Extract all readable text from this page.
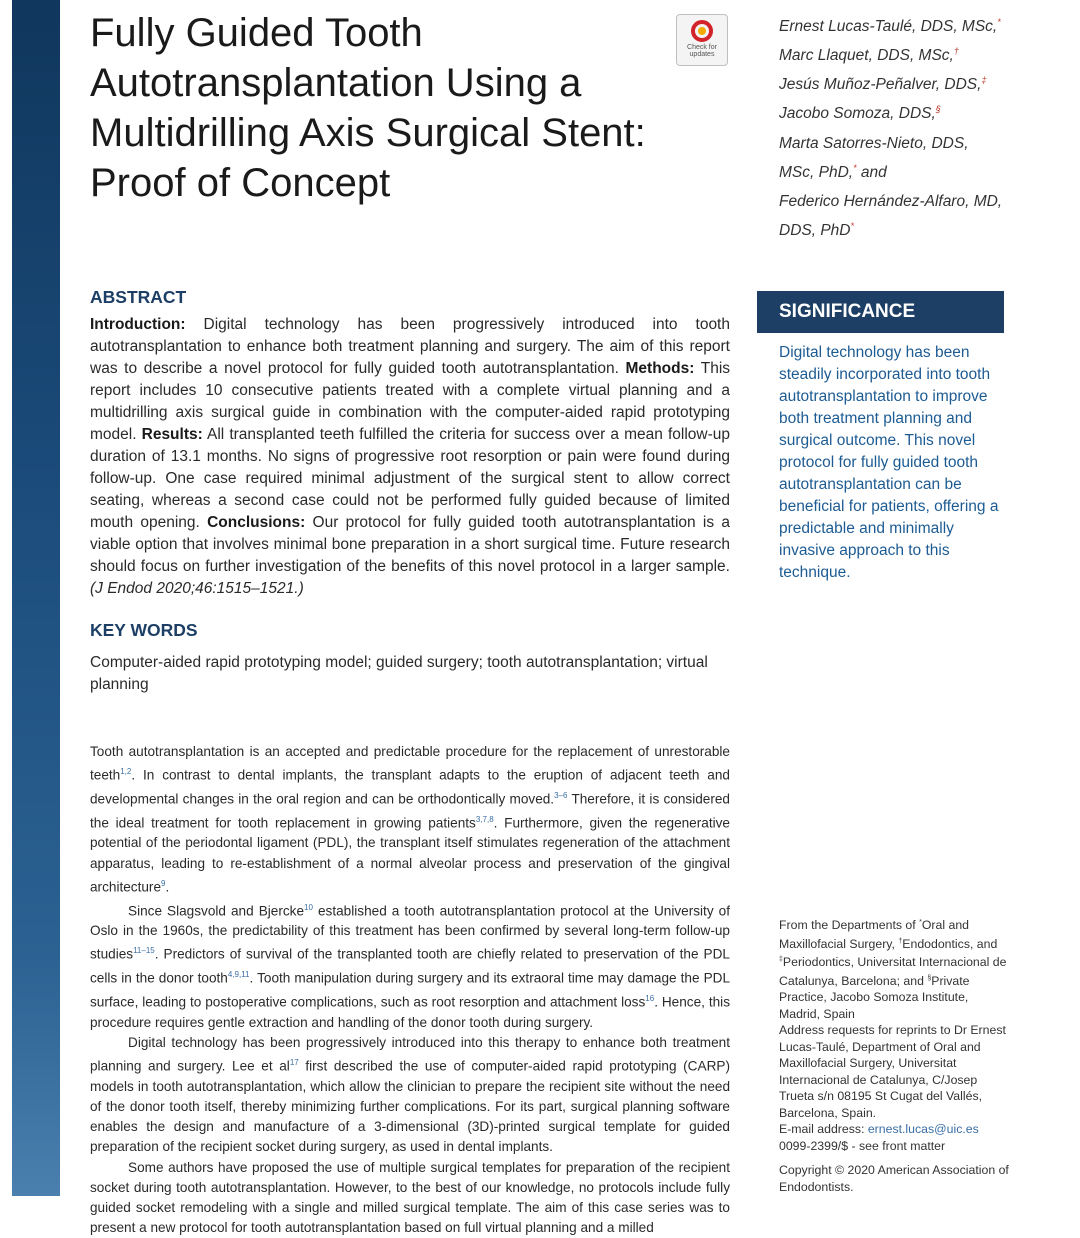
Fully Guided Tooth Autotransplantation Using a Multidrilling Axis Surgical Stent: Proof of Concept
Check for
updates
Ernest Lucas-Taulé, DDS, MSc,*
Marc Llaquet, DDS, MSc,†
Jesús Muñoz-Peñalver, DDS,‡
Jacobo Somoza, DDS,§
Marta Satorres-Nieto, DDS,
MSc, PhD,* and
Federico Hernández-Alfaro, MD,
DDS, PhD*
ABSTRACT

Introduction: Digital technology has been progressively introduced into tooth autotransplantation to enhance both treatment planning and surgery. The aim of this report was to describe a novel protocol for fully guided tooth autotransplantation. Methods: This report includes 10 consecutive patients treated with a complete virtual planning and a multidrilling axis surgical guide in combination with the computer-aided rapid prototyping model. Results: All transplanted teeth fulfilled the criteria for success over a mean follow-up duration of 13.1 months. No signs of progressive root resorption or pain were found during follow-up. One case required minimal adjustment of the surgical stent to allow correct seating, whereas a second case could not be performed fully guided because of limited mouth opening. Conclusions: Our protocol for fully guided tooth autotransplantation is a viable option that involves minimal bone preparation in a short surgical time. Future research should focus on further investigation of the benefits of this novel protocol in a larger sample. (J Endod 2020;46:1515–1521.)

KEY WORDS

Computer-aided rapid prototyping model; guided surgery; tooth autotransplantation; virtual planning

SIGNIFICANCE

Digital technology has been steadily incorporated into tooth autotransplantation to improve both treatment planning and surgical outcome. This novel protocol for fully guided tooth autotransplantation can be beneficial for patients, offering a predictable and minimally invasive approach to this technique.

Tooth autotransplantation is an accepted and predictable procedure for the replacement of unrestorable teeth$^{1,2}$. In contrast to dental implants, the transplant adapts to the eruption of adjacent teeth and developmental changes in the oral region and can be orthodontically moved.$^{3-6}$ Therefore, it is considered the ideal treatment for tooth replacement in growing patients$^{3,7,8}$. Furthermore, given the regenerative potential of the periodontal ligament (PDL), the transplant itself stimulates regeneration of the attachment apparatus, leading to re-establishment of a normal alveolar process and preservation of the gingival architecture$^9$.

Since Slagsvold and Bjercke$^{10}$ established a tooth autotransplantation protocol at the University of Oslo in the 1960s, the predictability of this treatment has been confirmed by several long-term follow-up studies$^{11-15}$. Predictors of survival of the transplanted tooth are chiefly related to preservation of the PDL cells in the donor tooth$^{4,9,11}$. Tooth manipulation during surgery and its extraoral time may damage the PDL surface, leading to postoperative complications, such as root resorption and attachment loss$^{16}$. Hence, this procedure requires gentle extraction and handling of the donor tooth during surgery.

Digital technology has been progressively introduced into this therapy to enhance both treatment planning and surgery. Lee et $al^{17}$ first described the use of computer-aided rapid prototyping (CARP) models in tooth autotransplantation, which allow the clinician to prepare the recipient site without the need of the donor tooth itself, thereby minimizing further complications. For its part, surgical planning software enables the design and manufacture of a 3-dimensional (3D)-printed surgical template for guided preparation of the recipient socket during surgery, as used in dental implants.

Some authors have proposed the use of multiple surgical templates for preparation of the recipient socket during tooth autotransplantation. However, to the best of our knowledge, no protocols include fully guided socket remodeling with a single and milled surgical template. The aim of this case series was to present a new protocol for tooth autotransplantation based on full virtual planning and a milled

From the Departments of *Oral and Maxillofacial Surgery, †Endodontics, and ‡Periodontics, Universitat Internacional de Catalunya, Barcelona; and §Private Practice, Jacobo Somoza Institute, Madrid, Spain

Address requests for reprints to Dr Ernest Lucas-Taulé, Department of Oral and Maxillofacial Surgery, Universitat Internacional de Catalunya, C/Josep Trueta s/n 08195 St Cugat del Vallés, Barcelona, Spain.
E-mail address: ernest.lucas@uic.es
0099-2399/$ - see front matter

Copyright © 2020 American Association of Endodontists.
